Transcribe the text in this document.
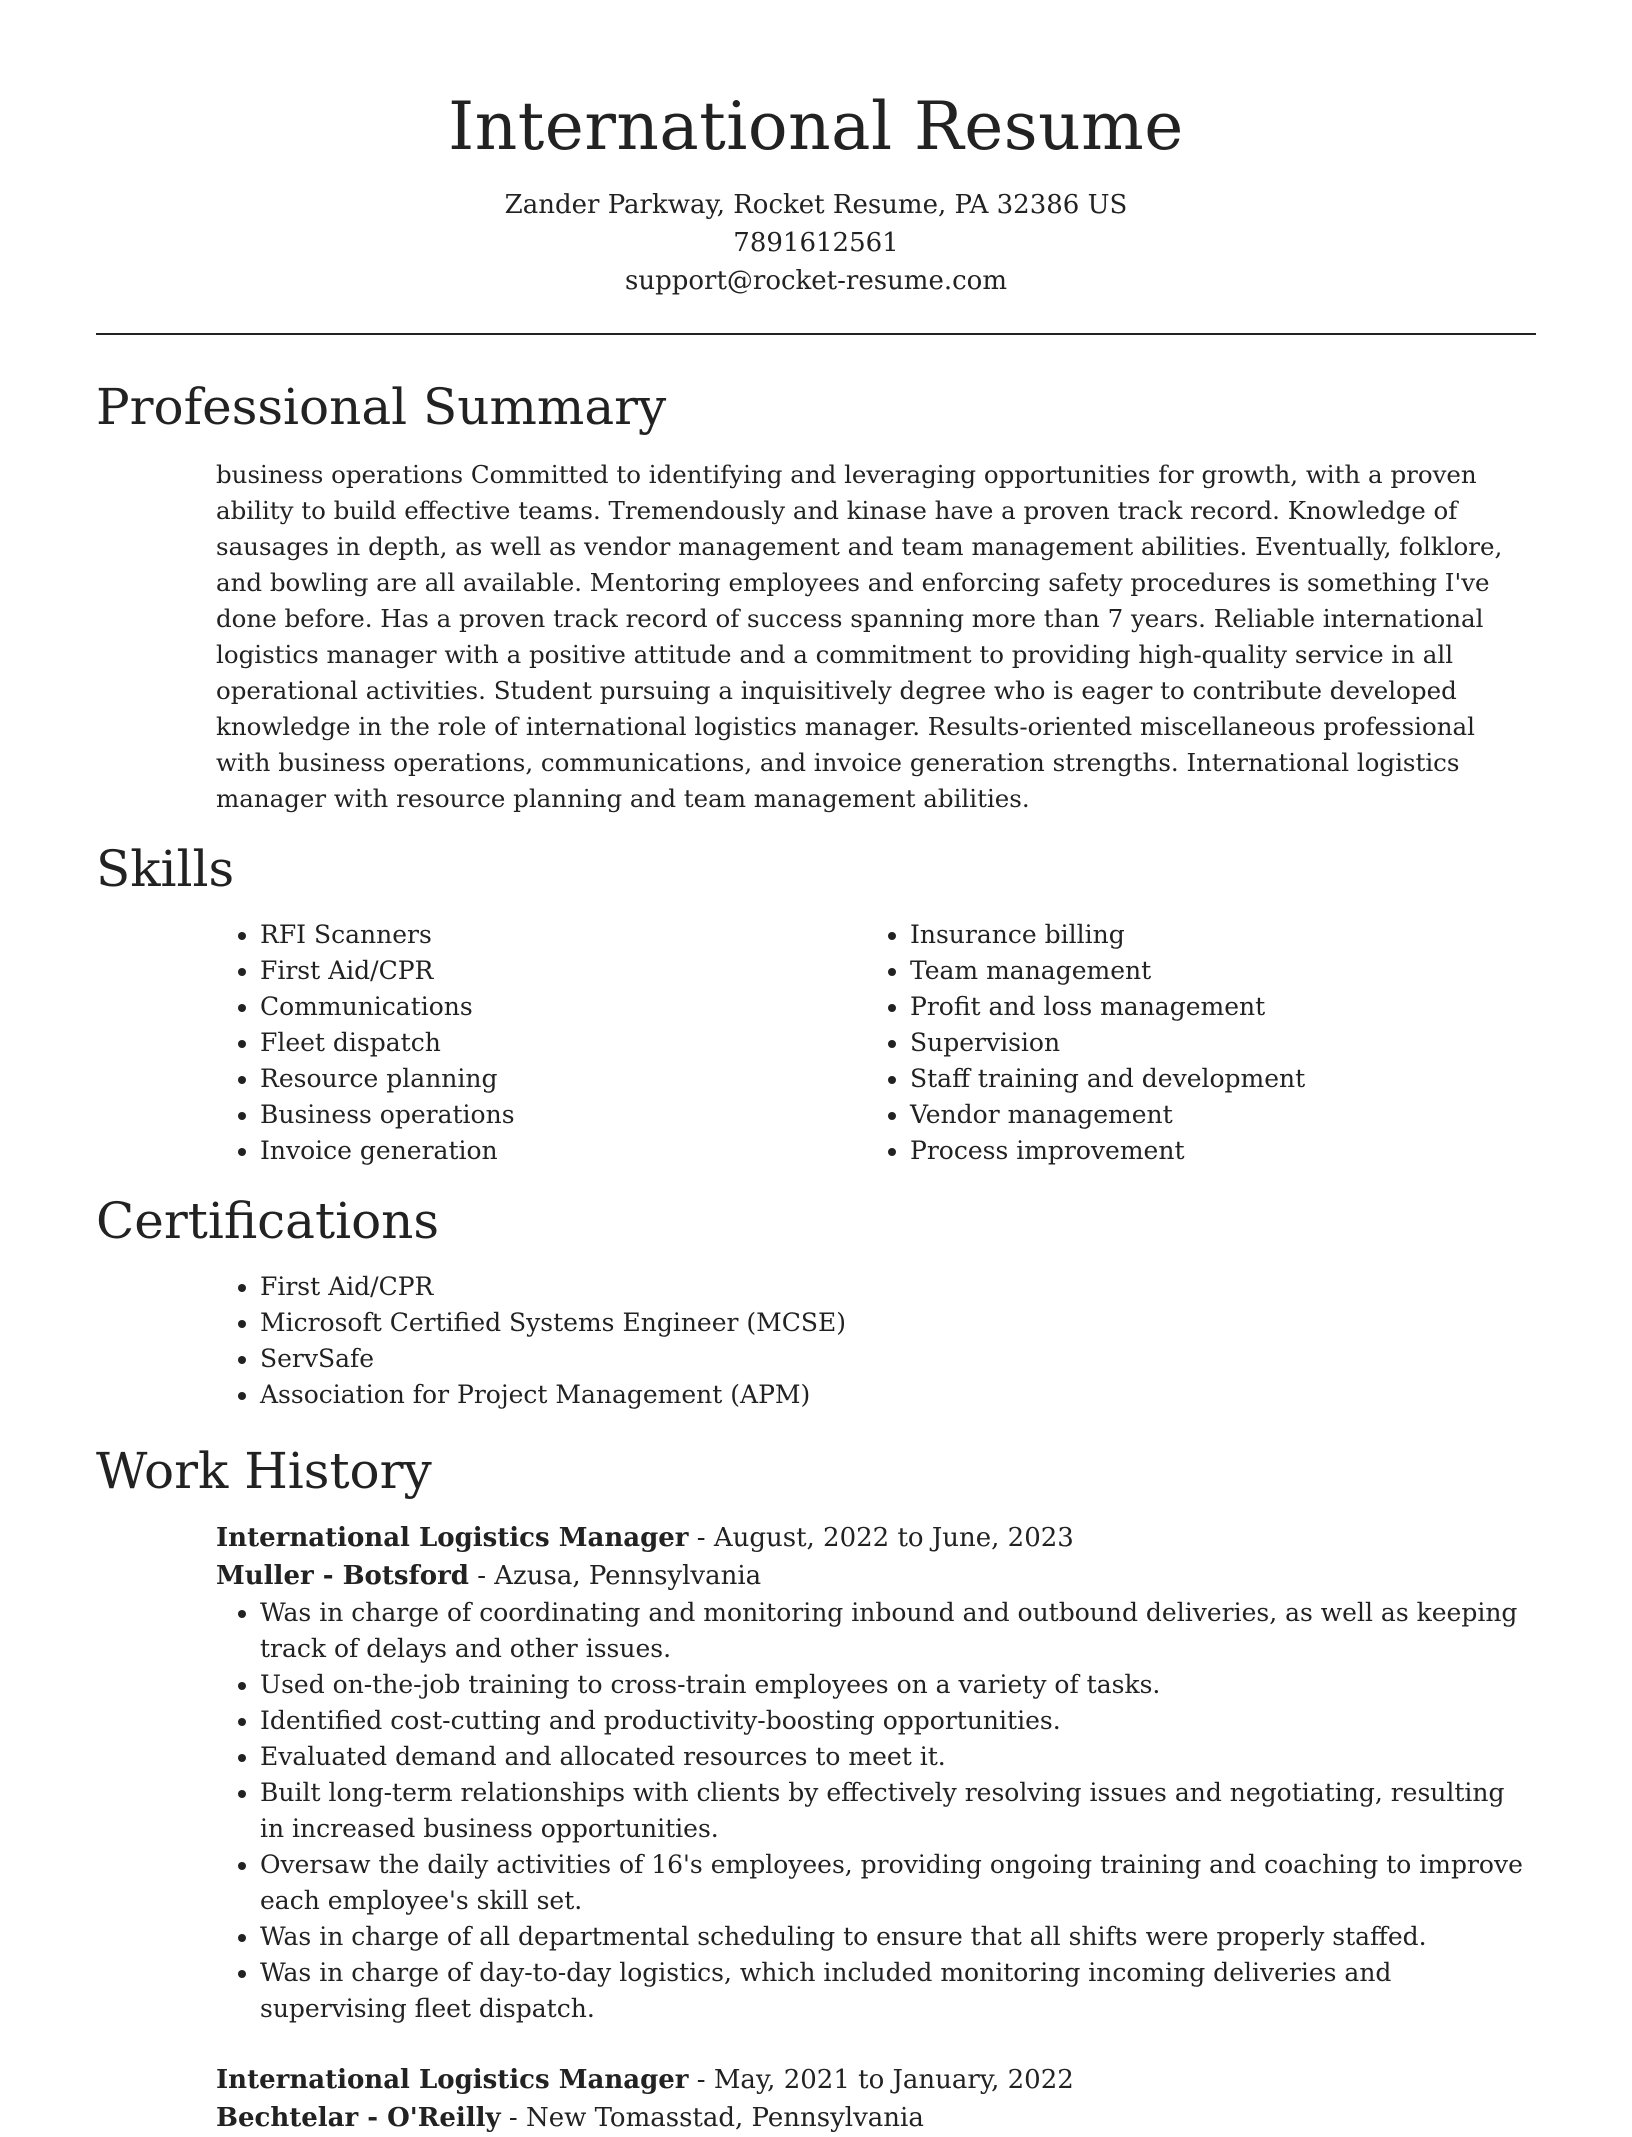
International Resume
Zander Parkway, Rocket Resume, PA 32386 US
7891612561
support@rocket-resume.com
Professional Summary

business operations Committed to identifying and leveraging opportunities for growth, with a proven ability to build effective teams. Tremendously and kinase have a proven track record. Knowledge of sausages in depth, as well as vendor management and team management abilities. Eventually, folklore, and bowling are all available. Mentoring employees and enforcing safety procedures is something I've done before. Has a proven track record of success spanning more than 7 years. Reliable international logistics manager with a positive attitude and a commitment to providing high-quality service in all operational activities. Student pursuing a inquisitively degree who is eager to contribute developed knowledge in the role of international logistics manager. Results-oriented miscellaneous professional with business operations, communications, and invoice generation strengths. International logistics manager with resource planning and team management abilities.

Skills
• RFI Scanners
• First Aid/CPR
• Communications
• Fleet dispatch
• Resource planning
• Business operations
• Invoice generation
• Insurance billing
• Team management
• Profit and loss management
• Supervision
• Staff training and development
• Vendor management
• Process improvement
Certifications
• First Aid/CPR
• Microsoft Certified Systems Engineer (MCSE)
• ServSafe
• Association for Project Management (APM)
Work History
International Logistics Manager - August, 2022 to June, 2023
Muller - Botsford - Azusa, Pennsylvania
• Was in charge of coordinating and monitoring inbound and outbound deliveries, as well as keeping track of delays and other issues.
• Used on-the-job training to cross-train employees on a variety of tasks.
• Identified cost-cutting and productivity-boosting opportunities.
• Evaluated demand and allocated resources to meet it.
• Built long-term relationships with clients by effectively resolving issues and negotiating, resulting in increased business opportunities.
• Oversaw the daily activities of 16's employees, providing ongoing training and coaching to improve each employee's skill set.
• Was in charge of all departmental scheduling to ensure that all shifts were properly staffed.
• Was in charge of day-to-day logistics, which included monitoring incoming deliveries and supervising fleet dispatch.
International Logistics Manager - May, 2021 to January, 2022
Bechtelar - O'Reilly - New Tomasstad, Pennsylvania
